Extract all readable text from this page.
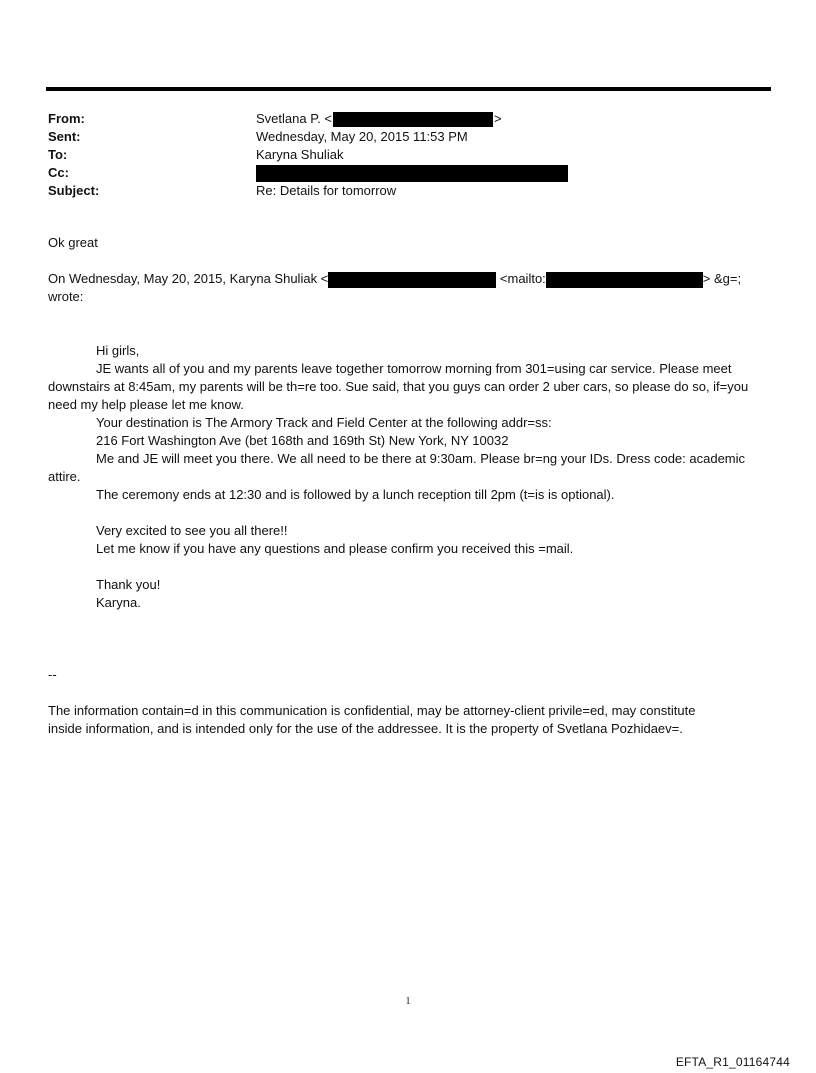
From:	Svetlana P. <	>
Sent:	Wednesday, May 20, 2015 11:53 PM
To:	Karyna Shuliak
Cc:
Subject:	Re: Details for tomorrow
Ok great
On Wednesday, May 20, 2015, Karyna Shuliak <	<mailto:	> &g=;
wrote:
Hi girls,
JE wants all of you and my parents leave together tomorrow morning from 301=using car service. Please meet
downstairs at 8:45am, my parents will be th=re too. Sue said, that you guys can order 2 uber cars, so please do so, if=you
need my help please let me know.
Your destination is The Armory Track and Field Center at the following addr=ss:
216 Fort Washington Ave (bet 168th and 169th St) New York, NY 10032
Me and JE will meet you there. We all need to be there at 9:30am. Please br=ng your IDs. Dress code: academic
attire.
The ceremony ends at 12:30 and is followed by a lunch reception till 2pm (t=is is optional).
Very excited to see you all there!!
Let me know if you have any questions and please confirm you received this =mail.
Thank you!
Karyna.
--
The information contain=d in this communication is confidential, may be attorney-client privile=ed, may constitute
inside information, and is intended only for the use of the addressee. It is the property of Svetlana Pozhidaev=.
1
EFTA_R1_01164744
